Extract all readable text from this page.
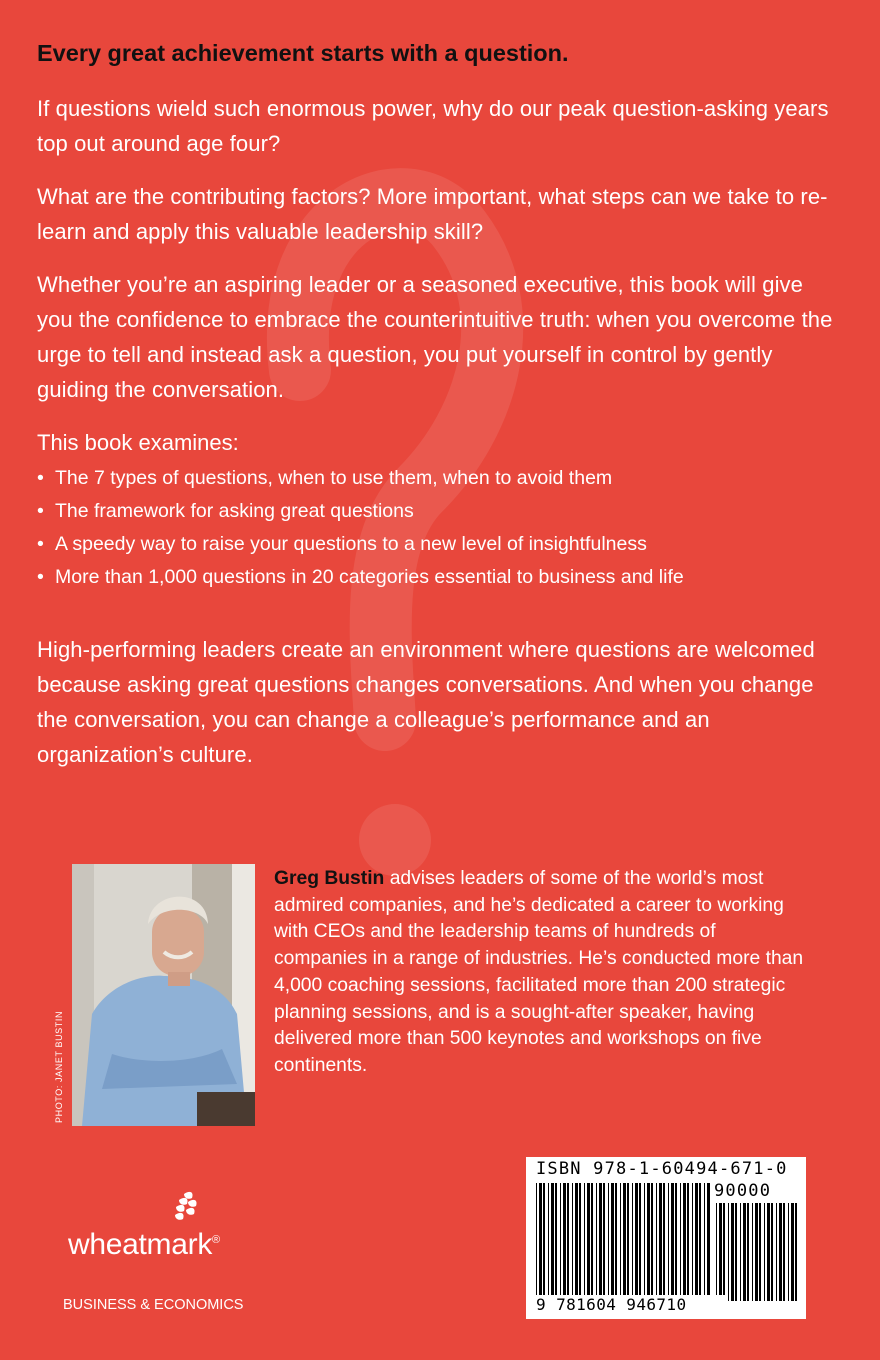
Every great achievement starts with a question.

If questions wield such enormous power, why do our peak question-asking years top out around age four?

What are the contributing factors? More important, what steps can we take to re-learn and apply this valuable leadership skill?

Whether you’re an aspiring leader or a seasoned executive, this book will give you the confidence to embrace the counterintuitive truth: when you overcome the urge to tell and instead ask a question, you put yourself in control by gently guiding the conversation.

This book examines:
• The 7 types of questions, when to use them, when to avoid them
• The framework for asking great questions
• A speedy way to raise your questions to a new level of insightfulness
• More than 1,000 questions in 20 categories essential to business and life

High-performing leaders create an environment where questions are welcomed because asking great questions changes conversations. And when you change the conversation, you can change a colleague’s performance and an organization’s culture.

PHOTO: JANET BUSTIN
Greg Bustin advises leaders of some of the world’s most admired companies, and he’s dedicated a career to working with CEOs and the leadership teams of hundreds of companies in a range of industries. He’s conducted more than 4,000 coaching sessions, facilitated more than 200 strategic planning sessions, and is a sought-after speaker, having delivered more than 500 keynotes and workshops on five continents.
wheatmark®
BUSINESS & ECONOMICS
ISBN 978-1-60494-671-0
90000
9 781604 946710
